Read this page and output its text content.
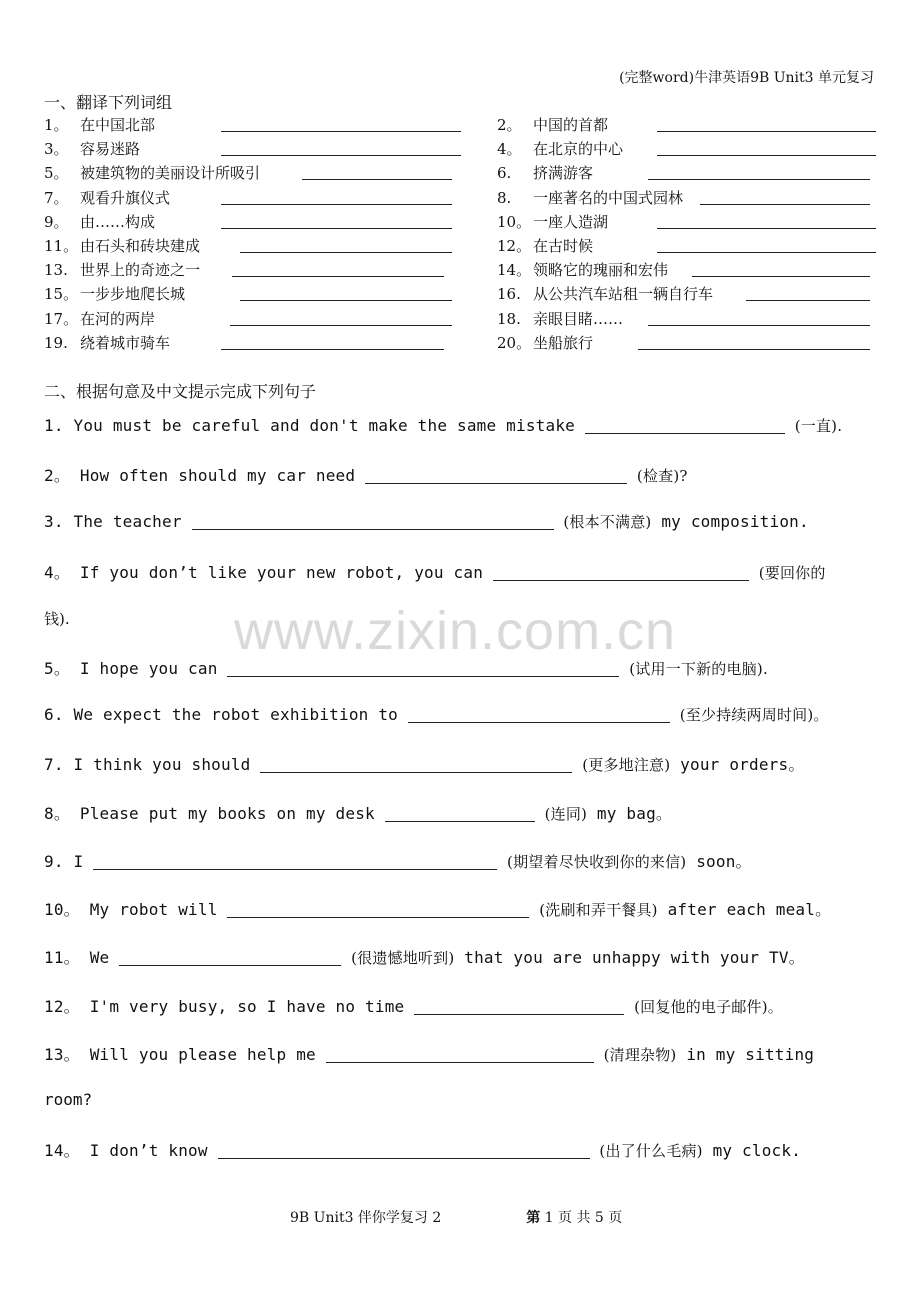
(完整word)牛津英语9B Unit3 单元复习
一、翻译下列词组
1。 在中国北部	2。 中国的首都
3。 容易迷路	4。 在北京的中心
5。 被建筑物的美丽设计所吸引	6. 挤满游客
7。 观看升旗仪式	8. 一座著名的中国式园林
9。 由……构成	10。 一座人造湖
11。 由石头和砖块建成	12。 在古时候
13. 世界上的奇迹之一	14。 领略它的瑰丽和宏伟
15。 一步步地爬长城	16. 从公共汽车站租一辆自行车
17。 在河的两岸	18. 亲眼目睹……
19. 绕着城市骑车	20。 坐船旅行
二、根据句意及中文提示完成下列句子
1. You must be careful and don't make the same mistake	(一直).
2。 How often should my car need	(检查)?
3. The teacher	(根本不满意) my composition.
4。 If you don’t like your new robot, you can	(要回你的
钱).
5。 I hope you can	(试用一下新的电脑).
6. We expect the robot exhibition to	(至少持续两周时间)。
7. I think you should	(更多地注意) your orders。
8。 Please put my books on my desk	(连同) my bag。
9. I	(期望着尽快收到你的来信) soon。
10。 My robot will	(洗刷和弄干餐具) after each meal。
11。 We	(很遗憾地听到) that you are unhappy with your TV。
12。 I'm very busy, so I have no time	(回复他的电子邮件)。
13。 Will you please help me	(清理杂物) in my sitting
room?
14。 I don’t know	(出了什么毛病) my clock.
www.zixin.com.cn
9B Unit3 伴你学复习 2	第 1 页 共 5 页
